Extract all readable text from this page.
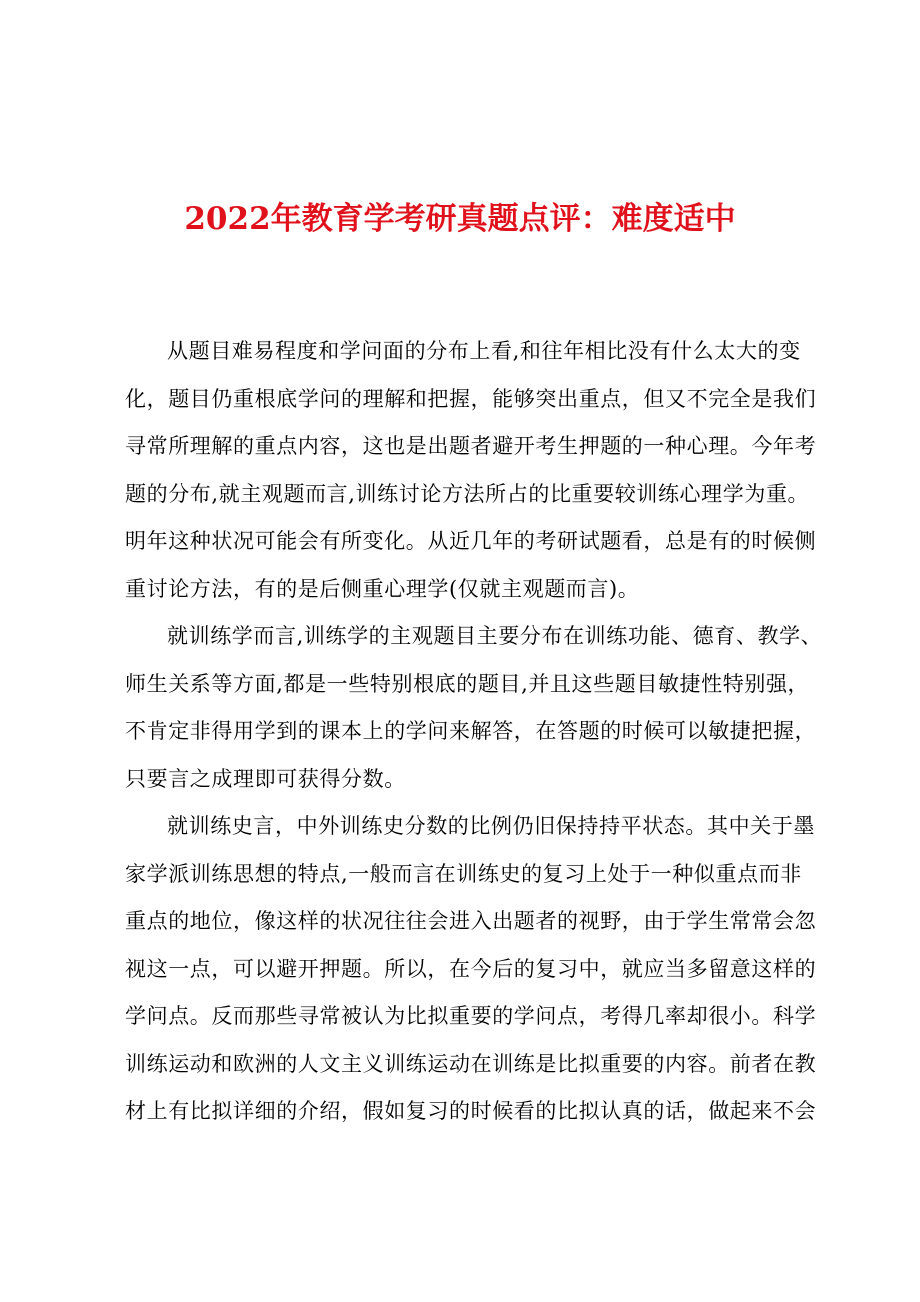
2022年教育学考研真题点评：难度适中
从题目难易程度和学问面的分布上看,和往年相比没有什么太大的变
化，题目仍重根底学问的理解和把握，能够突出重点，但又不完全是我们
寻常所理解的重点内容，这也是出题者避开考生押题的一种心理。今年考
题的分布,就主观题而言,训练讨论方法所占的比重要较训练心理学为重。
明年这种状况可能会有所变化。从近几年的考研试题看，总是有的时候侧
重讨论方法，有的是后侧重心理学(仅就主观题而言)。
就训练学而言,训练学的主观题目主要分布在训练功能、德育、教学、
师生关系等方面,都是一些特别根底的题目,并且这些题目敏捷性特别强，
不肯定非得用学到的课本上的学问来解答，在答题的时候可以敏捷把握，
只要言之成理即可获得分数。
就训练史言，中外训练史分数的比例仍旧保持持平状态。其中关于墨
家学派训练思想的特点,一般而言在训练史的复习上处于一种似重点而非
重点的地位，像这样的状况往往会进入出题者的视野，由于学生常常会忽
视这一点，可以避开押题。所以，在今后的复习中，就应当多留意这样的
学问点。反而那些寻常被认为比拟重要的学问点，考得几率却很小。科学
训练运动和欧洲的人文主义训练运动在训练是比拟重要的内容。前者在教
材上有比拟详细的介绍，假如复习的时候看的比拟认真的话，做起来不会
